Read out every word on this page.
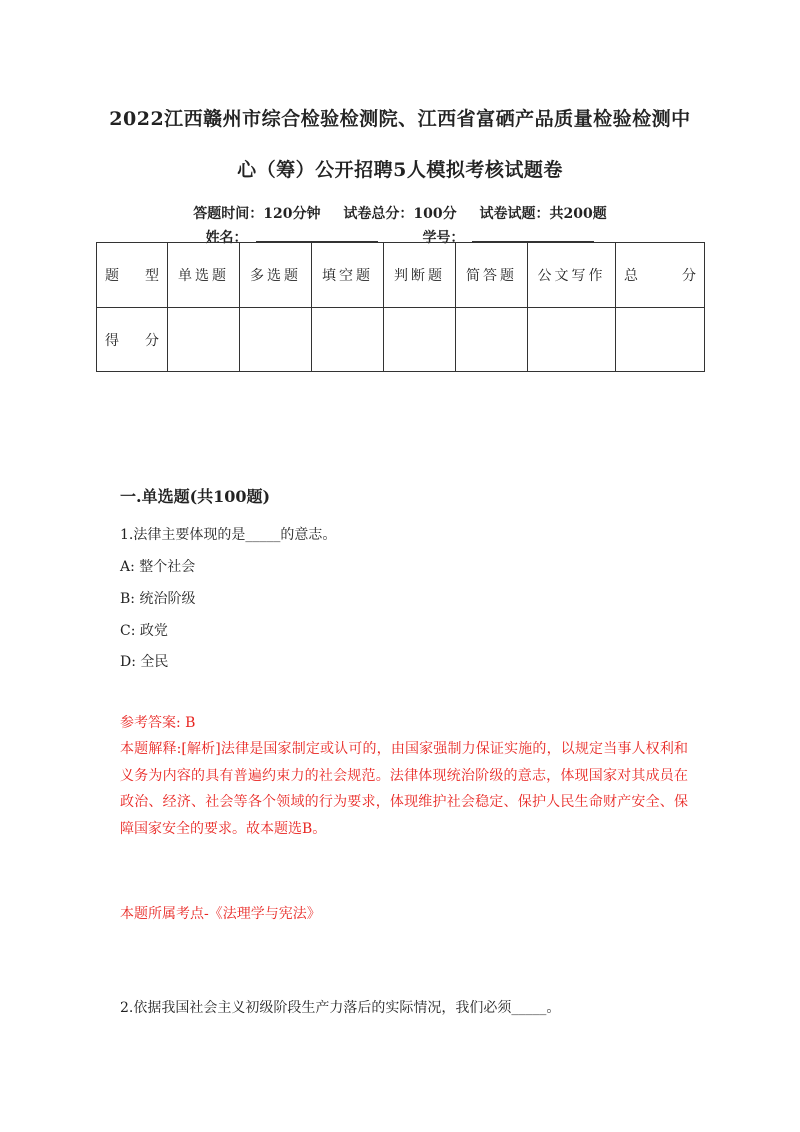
2022江西赣州市综合检验检测院、江西省富硒产品质量检验检测中
心（筹）公开招聘5人模拟考核试题卷
答题时间：120分钟 试卷总分：100分 试卷试题：共200题
姓名：	学号：
题 型	单选题	多选题	填空题	判断题	简答题	公文写作	总 分

得 分							

一.单选题(共100题)
1.法律主要体现的是_____的意志。
A: 整个社会
B: 统治阶级
C: 政党
D: 全民
参考答案: B
本题解释:[解析]法律是国家制定或认可的，由国家强制力保证实施的，以规定当事人权利和义务为内容的具有普遍约束力的社会规范。法律体现统治阶级的意志，体现国家对其成员在政治、经济、社会等各个领域的行为要求，体现维护社会稳定、保护人民生命财产安全、保障国家安全的要求。故本题选B。
本题所属考点-《法理学与宪法》
2.依据我国社会主义初级阶段生产力落后的实际情况，我们必须_____。
